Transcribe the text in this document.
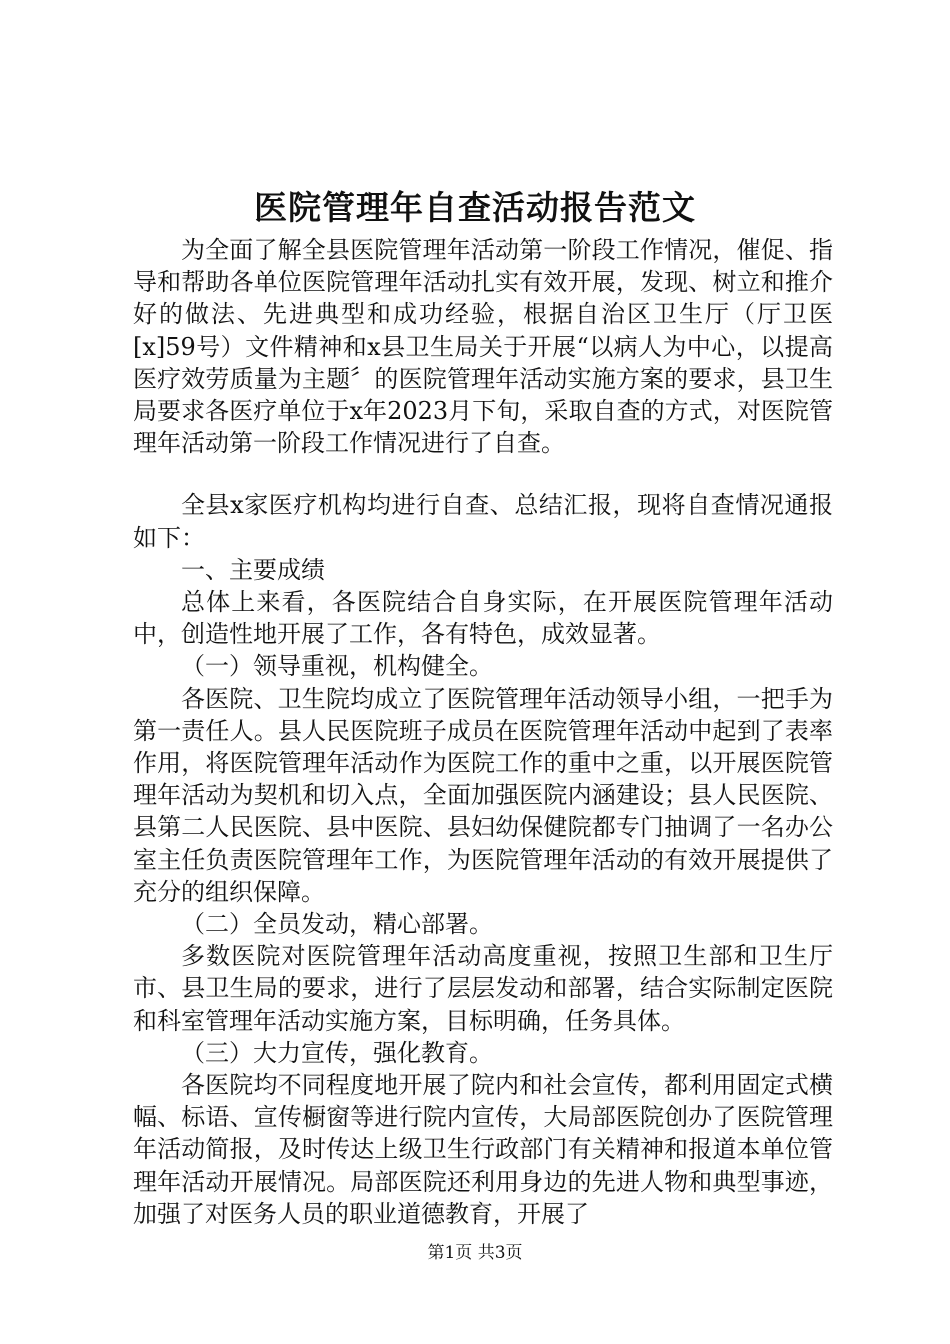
医院管理年自查活动报告范文

为全面了解全县医院管理年活动第一阶段工作情况，催促、指导和帮助各单位医院管理年活动扎实有效开展，发现、树立和推介好的做法、先进典型和成功经验，根据自治区卫生厅（厅卫医[x]59号）文件精神和x县卫生局关于开展“以病人为中心，以提高医疗效劳质量为主题〞的医院管理年活动实施方案的要求，县卫生局要求各医疗单位于x年2023月下旬，采取自查的方式，对医院管理年活动第一阶段工作情况进行了自查。

全县x家医疗机构均进行自查、总结汇报，现将自查情况通报如下：

一、主要成绩

总体上来看，各医院结合自身实际，在开展医院管理年活动中，创造性地开展了工作，各有特色，成效显著。

（一）领导重视，机构健全。

各医院、卫生院均成立了医院管理年活动领导小组，一把手为第一责任人。县人民医院班子成员在医院管理年活动中起到了表率作用，将医院管理年活动作为医院工作的重中之重，以开展医院管理年活动为契机和切入点，全面加强医院内涵建设；县人民医院、县第二人民医院、县中医院、县妇幼保健院都专门抽调了一名办公室主任负责医院管理年工作，为医院管理年活动的有效开展提供了充分的组织保障。

（二）全员发动，精心部署。

多数医院对医院管理年活动高度重视，按照卫生部和卫生厅市、县卫生局的要求，进行了层层发动和部署，结合实际制定医院和科室管理年活动实施方案，目标明确，任务具体。

（三）大力宣传，强化教育。

各医院均不同程度地开展了院内和社会宣传，都利用固定式横幅、标语、宣传橱窗等进行院内宣传，大局部医院创办了医院管理年活动简报，及时传达上级卫生行政部门有关精神和报道本单位管理年活动开展情况。局部医院还利用身边的先进人物和典型事迹，加强了对医务人员的职业道德教育，开展了

第1页 共3页
